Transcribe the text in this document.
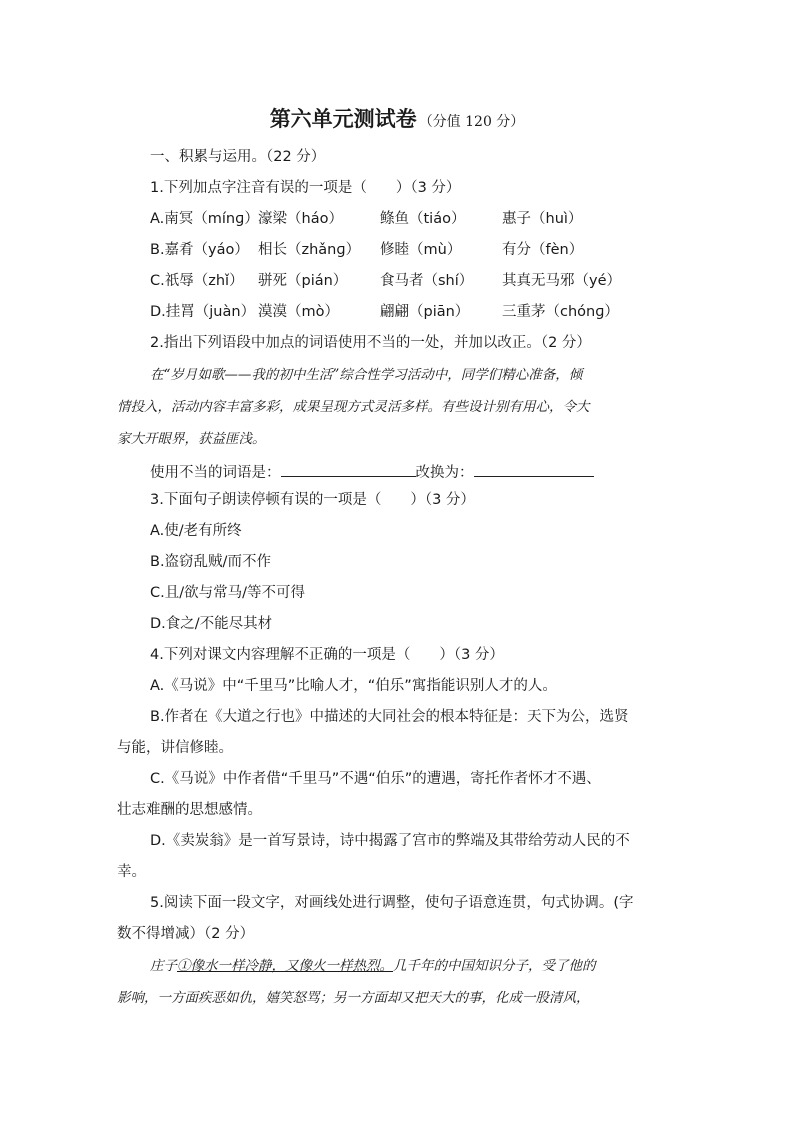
第六单元测试卷 （分值 120 分）
一、积累与运用。（22 分）
1.下列加点字注音有误的一项是（　　）（3 分）
A.南冥（mínɡ）濠梁（háo）	鲦鱼（tiáo）	惠子（huì）
B.嘉肴（yáo） 相长（zhǎnɡ） 修睦（mù）	有分（fèn）
C.祇辱（zhǐ） 骈死（pián） 食马者（shí） 其真无马邪（yé）
D.挂罥（juàn） 漠漠（mò）	翩翩（piān） 三重茅（chónɡ）
2.指出下列语段中加点的词语使用不当的一处，并加以改正。（2 分）
在“岁月如歌——我的初中生活”综合性学习活动中，同学们精心准备，倾
情投入，活动内容丰富多彩，成果呈现方式灵活多样。有些设计别有用心，令大
家大开眼界，获益匪浅。
使用不当的词语是：	改换为：
3.下面句子朗读停顿有误的一项是（　　）（3 分）
A.使/老有所终
B.盗窃乱贼/而不作
C.且/欲与常马/等不可得
D.食之/不能尽其材
4.下列对课文内容理解不正确的一项是（　　）（3 分）
A.《马说》中“千里马”比喻人才，“伯乐”寓指能识别人才的人。
B.作者在《大道之行也》中描述的大同社会的根本特征是：天下为公，选贤
与能，讲信修睦。
C.《马说》中作者借“千里马”不遇“伯乐”的遭遇，寄托作者怀才不遇、
壮志难酬的思想感情。
D.《卖炭翁》是一首写景诗，诗中揭露了宫市的弊端及其带给劳动人民的不
幸。
5.阅读下面一段文字，对画线处进行调整，使句子语意连贯，句式协调。(字
数不得增减）（2 分）
庄子①像水一样冷静，又像火一样热烈。几千年的中国知识分子，受了他的
影响，一方面疾恶如仇，嬉笑怒骂；另一方面却又把天大的事，化成一股清风，
